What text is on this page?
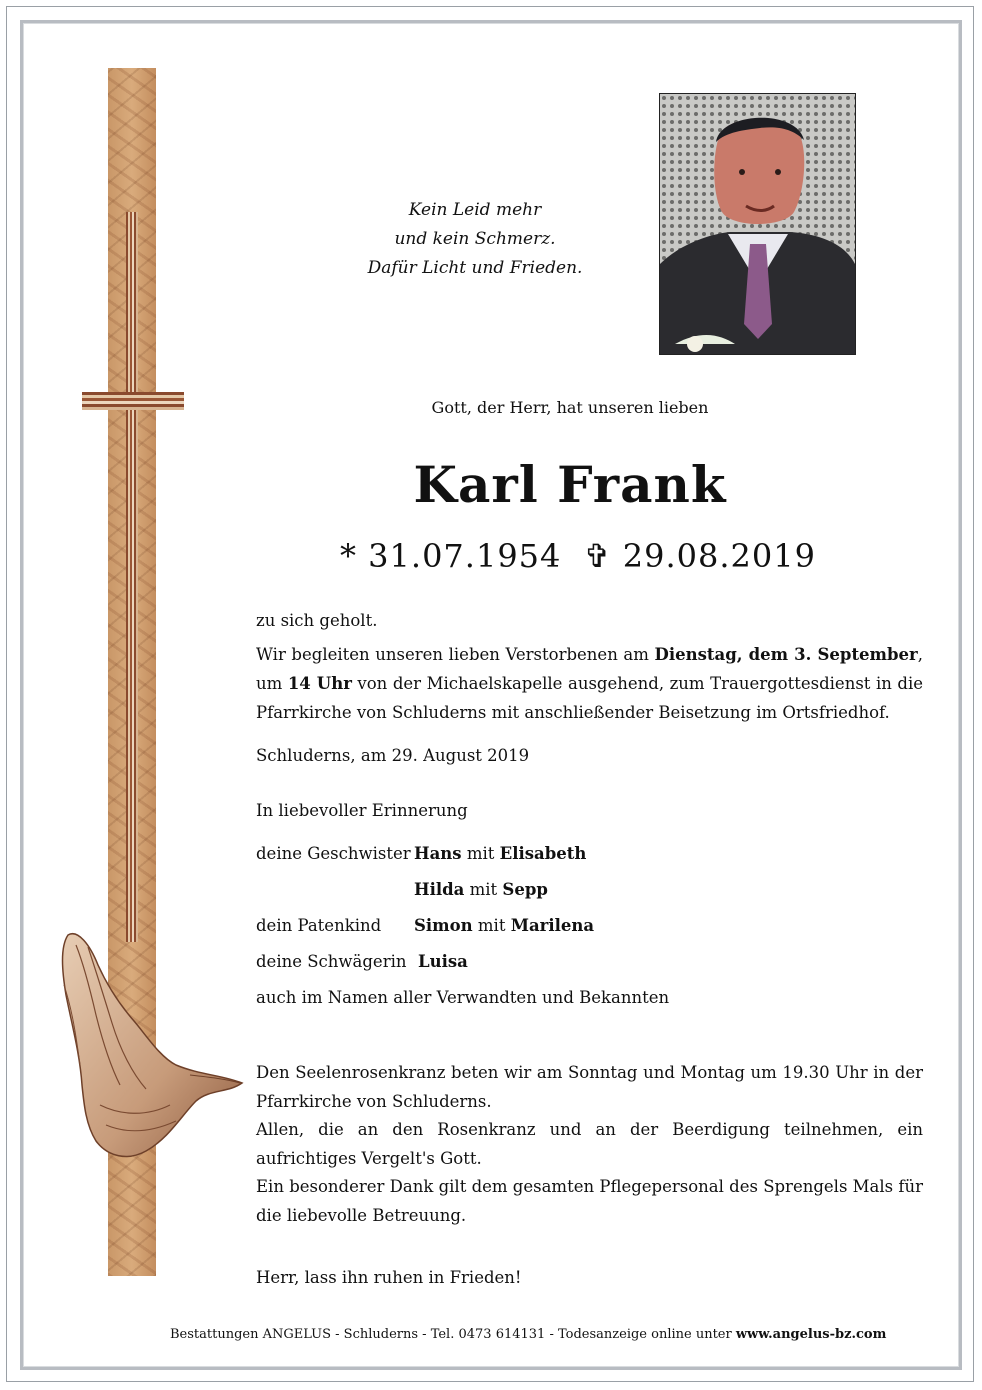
Kein Leid mehr
und kein Schmerz.
Dafür Licht und Frieden.
Gott, der Herr, hat unseren lieben
Karl Frank
* 31.07.1954 ✞ 29.08.2019
zu sich geholt.
Wir begleiten unseren lieben Verstorbenen am Dienstag, dem 3. September, um 14 Uhr von der Michaelskapelle ausgehend, zum Trauergottesdienst in die Pfarrkirche von Schluderns mit anschließender Beisetzung im Ortsfriedhof.
Schluderns, am 29. August 2019
In liebevoller Erinnerung
deine Geschwister Hans mit Elisabeth
Hilda mit Sepp
dein Patenkind Simon mit Marilena
deine Schwägerin Luisa
auch im Namen aller Verwandten und Bekannten
Den Seelenrosenkranz beten wir am Sonntag und Montag um 19.30 Uhr in der Pfarrkirche von Schluderns.
Allen, die an den Rosenkranz und an der Beerdigung teilnehmen, ein aufrichtiges Vergelt's Gott.
Ein besonderer Dank gilt dem gesamten Pflegepersonal des Sprengels Mals für die liebevolle Betreuung.
Herr, lass ihn ruhen in Frieden!
Bestattungen ANGELUS - Schluderns - Tel. 0473 614131 - Todesanzeige online unter www.angelus-bz.com
